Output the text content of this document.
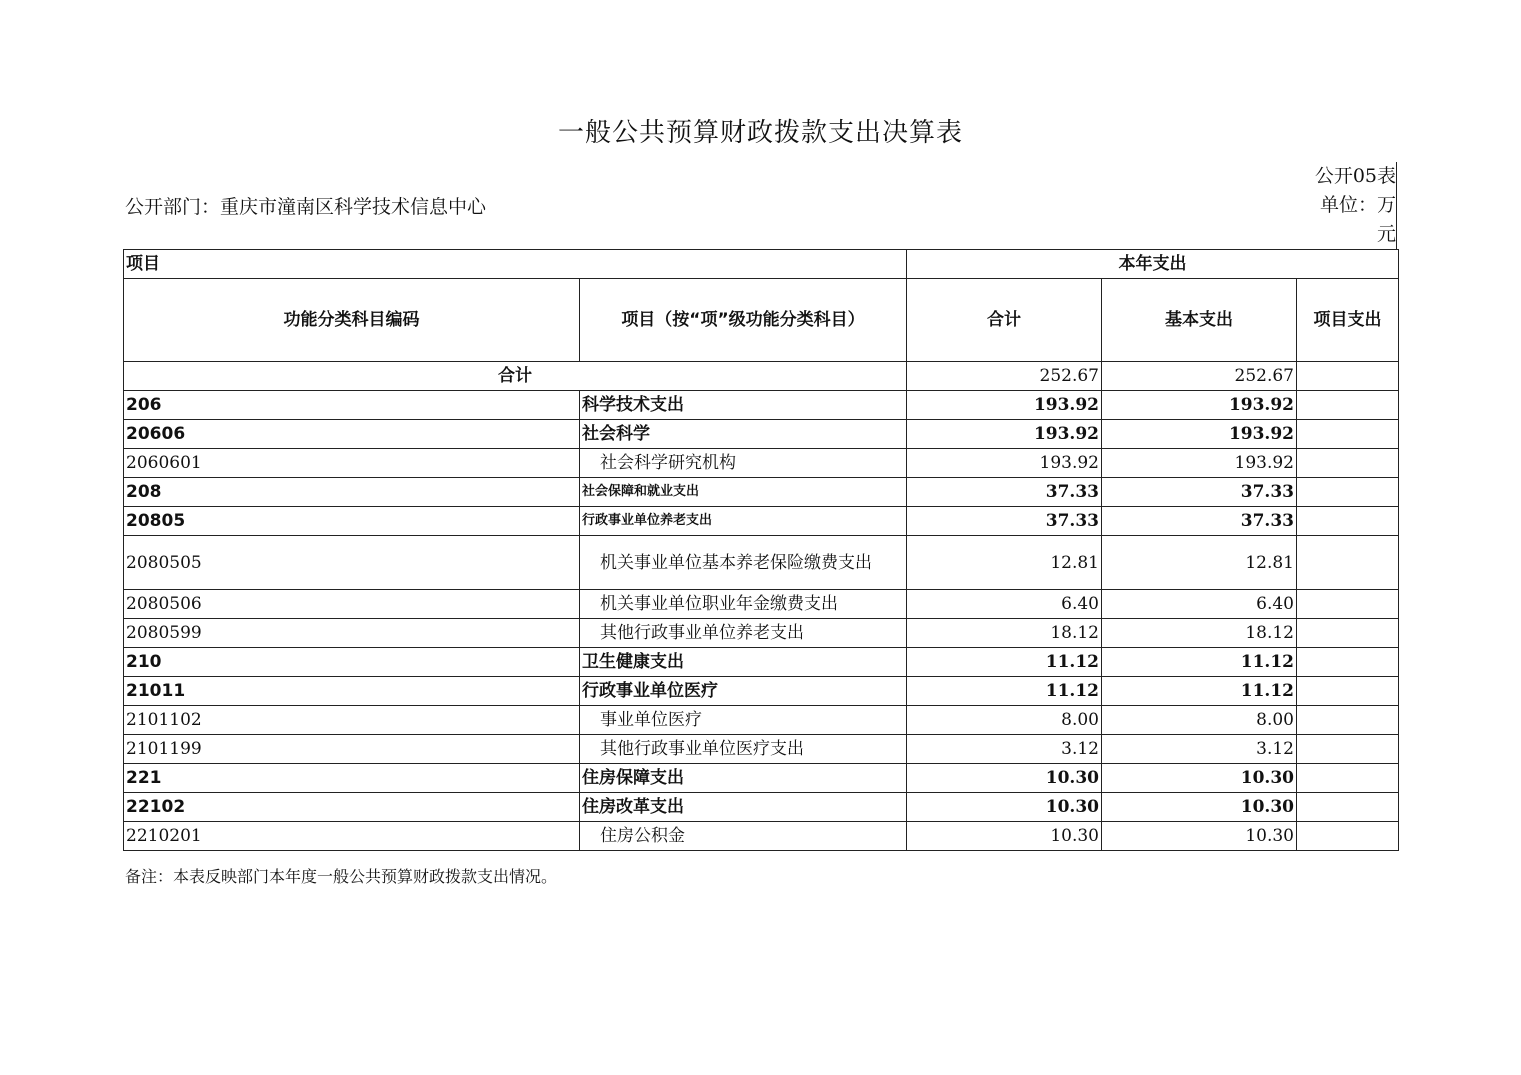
一般公共预算财政拨款支出决算表
公开部门：重庆市潼南区科学技术信息中心
公开05表
单位：万元
项目		本年支出		
功能分类科目编码	项目（按“项”级功能分类科目）	合计	基本支出	项目支出
合计		252.67	252.67	
206	科学技术支出	193.92	193.92	
20606	社会科学	193.92	193.92	
2060601	社会科学研究机构	193.92	193.92	
208	社会保障和就业支出	37.33	37.33	
20805	行政事业单位养老支出	37.33	37.33	
2080505	机关事业单位基本养老保险缴费支出	12.81	12.81	
2080506	机关事业单位职业年金缴费支出	6.40	6.40	
2080599	其他行政事业单位养老支出	18.12	18.12	
210	卫生健康支出	11.12	11.12	
21011	行政事业单位医疗	11.12	11.12	
2101102	事业单位医疗	8.00	8.00	
2101199	其他行政事业单位医疗支出	3.12	3.12	
221	住房保障支出	10.30	10.30	
22102	住房改革支出	10.30	10.30	
2210201	住房公积金	10.30	10.30	
备注：本表反映部门本年度一般公共预算财政拨款支出情况。
